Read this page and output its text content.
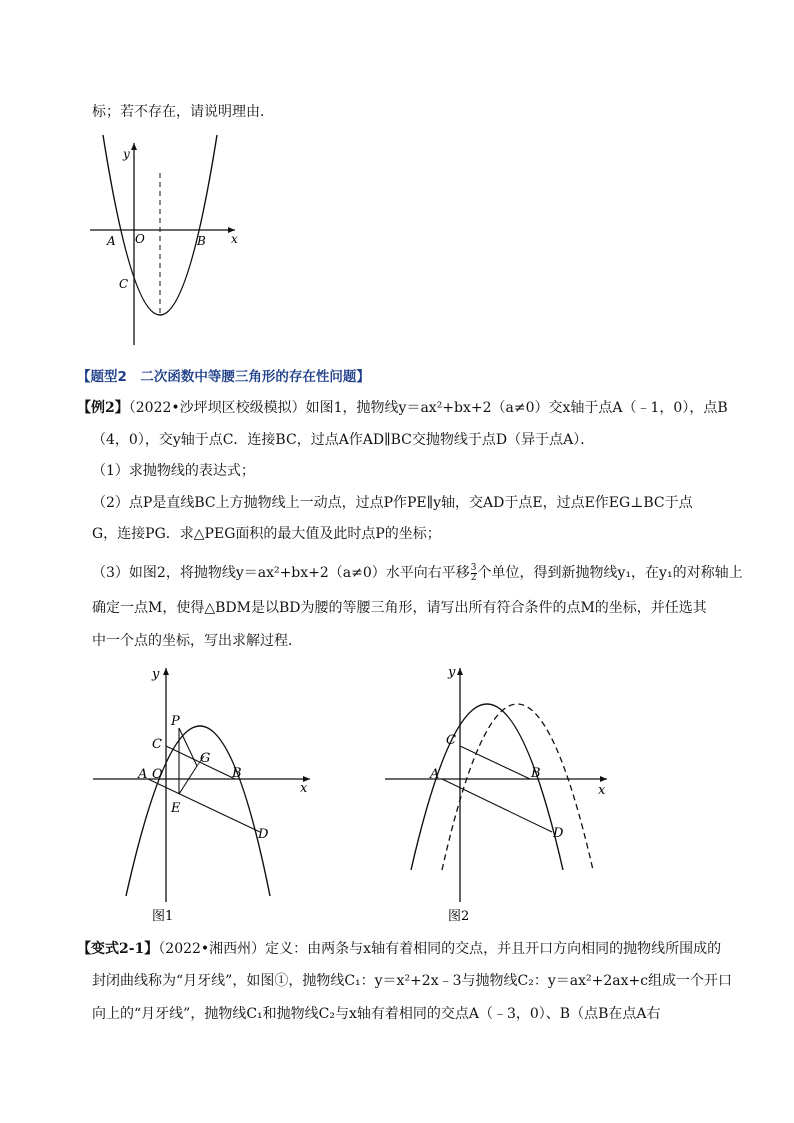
标；若不存在，请说明理由．
y
x
A O	B
C
【题型2　二次函数中等腰三角形的存在性问题】
【例2】（2022•沙坪坝区校级模拟）如图1，抛物线y＝ax²+bx+2（a≠0）交x轴于点A（﹣1，0），点B
（4，0），交y轴于点C．连接BC，过点A作AD∥BC交抛物线于点D（异于点A）．
（1）求抛物线的表达式；
（2）点P是直线BC上方抛物线上一动点，过点P作PE∥y轴，交AD于点E，过点E作EG⊥BC于点
G，连接PG．求△PEG面积的最大值及此时点P的坐标；
（3）如图2，将抛物线y＝ax²+bx+2（a≠0）水平向右平移 $\frac{3}{2}$ 个单位，得到新抛物线y₁，在y₁的对称轴上
确定一点M，使得△BDM是以BD为腰的等腰三角形，请写出所有符合条件的点M的坐标，并任选其
中一个点的坐标，写出求解过程．
P
C
G
A O	B
E
D
y
x
图1
C
A	B
D
y
x
图2
【变式2-1】（2022•湘西州）定义：由两条与x轴有着相同的交点，并且开口方向相同的抛物线所围成的
封闭曲线称为“月牙线”，如图①，抛物线C₁：y＝x²+2x﹣3与抛物线C₂：y＝ax²+2ax+c组成一个开口
向上的“月牙线”，抛物线C₁和抛物线C₂与x轴有着相同的交点A（﹣3，0）、B（点B在点A右
